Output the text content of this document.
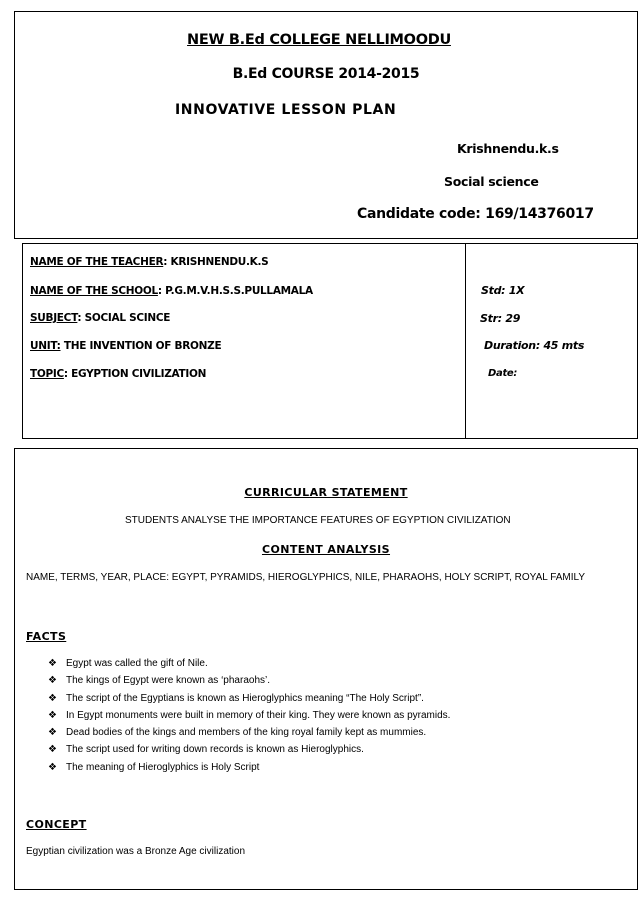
NEW B.Ed COLLEGE NELLIMOODU
B.Ed COURSE 2014-2015
INNOVATIVE LESSON PLAN
Krishnendu.k.s
Social science
Candidate code: 169/14376017
NAME OF THE TEACHER: KRISHNENDU.K.S
NAME OF THE SCHOOL: P.G.M.V.H.S.S.PULLAMALA
SUBJECT: SOCIAL SCINCE
UNIT: THE INVENTION OF BRONZE
TOPIC: EGYPTION CIVILIZATION
Std: 1X
Str: 29
Duration: 45 mts
Date:
CURRICULAR STATEMENT
STUDENTS ANALYSE THE IMPORTANCE FEATURES OF EGYPTION CIVILIZATION
CONTENT ANALYSIS
NAME, TERMS, YEAR, PLACE: EGYPT, PYRAMIDS, HIEROGLYPHICS, NILE, PHARAOHS, HOLY SCRIPT, ROYAL FAMILY
FACTS
❖ Egypt was called the gift of Nile.
❖ The kings of Egypt were known as ‘pharaohs’.
❖ The script of the Egyptians is known as Hieroglyphics meaning “The Holy Script”.
❖ In Egypt monuments were built in memory of their king. They were known as pyramids.
❖ Dead bodies of the kings and members of the king royal family kept as mummies.
❖ The script used for writing down records is known as Hieroglyphics.
❖ The meaning of Hieroglyphics is Holy Script
CONCEPT
Egyptian civilization was a Bronze Age civilization
